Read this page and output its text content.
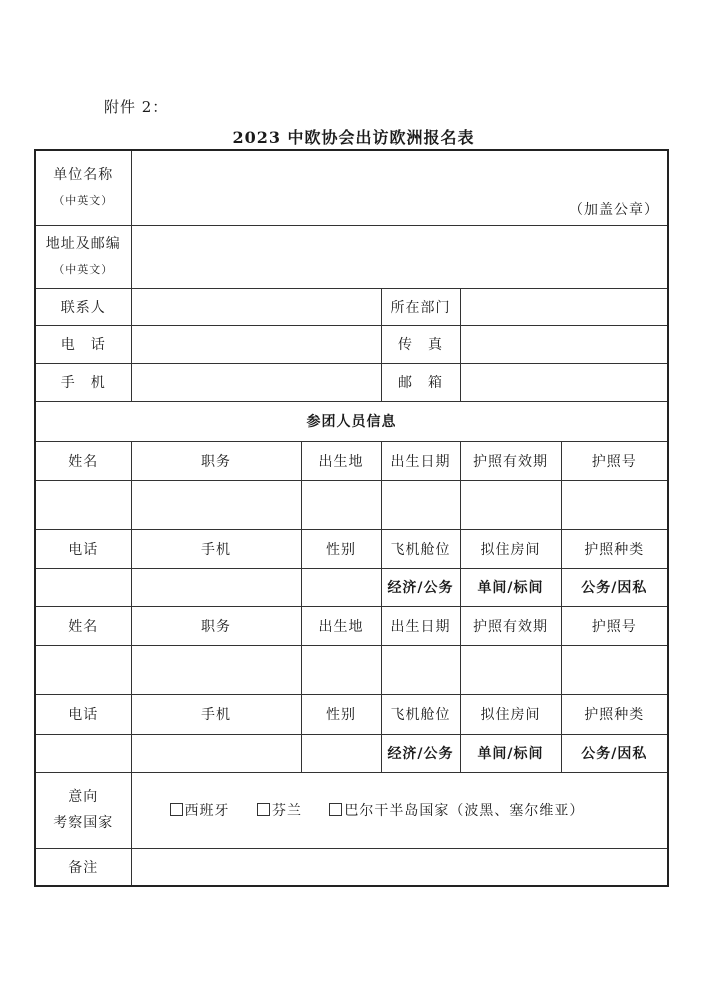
附件 2：
2023 中欧协会出访欧洲报名表
单位名称
（中英文）	（加盖公章）				

地址及邮编
（中英文）					

联系人			所在部门		
电　话			传　真		
手　机			邮　箱		
参团人员信息					
姓名	职务	出生地	出生日期	护照有效期	护照号

电话	手机	性别	飞机舱位	拟住房间	护照种类
			经济/公务	单间/标间	公务/因私
姓名	职务	出生地	出生日期	护照有效期	护照号

电话	手机	性别	飞机舱位	拟住房间	护照种类
			经济/公务	单间/标间	公务/因私

意向
考察国家	西班牙 芬兰 巴尔干半岛国家（波黑、塞尔维亚）				
备注					
